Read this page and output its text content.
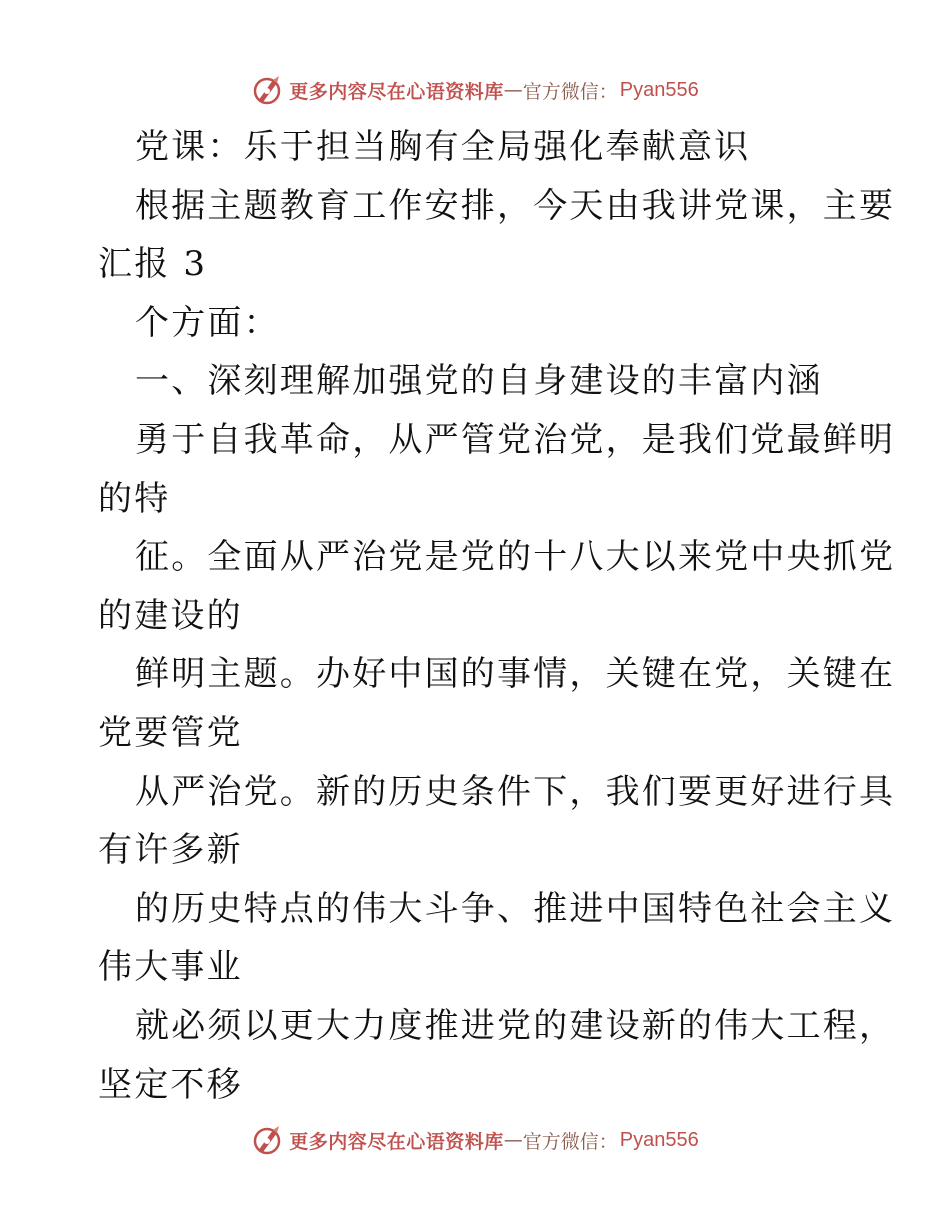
更多内容尽在心语资料库 — 官方微信： Pyan556
党课：乐于担当胸有全局强化奉献意识
根据主题教育工作安排，今天由我讲党课，主要
汇报 3
个方面：
一、深刻理解加强党的自身建设的丰富内涵
勇于自我革命，从严管党治党，是我们党最鲜明
的特
征。全面从严治党是党的十八大以来党中央抓党
的建设的
鲜明主题。办好中国的事情，关键在党，关键在
党要管党
从严治党。新的历史条件下，我们要更好进行具
有许多新
的历史特点的伟大斗争、推进中国特色社会主义
伟大事业
就必须以更大力度推进党的建设新的伟大工程，
坚定不移
更多内容尽在心语资料库 — 官方微信： Pyan556
